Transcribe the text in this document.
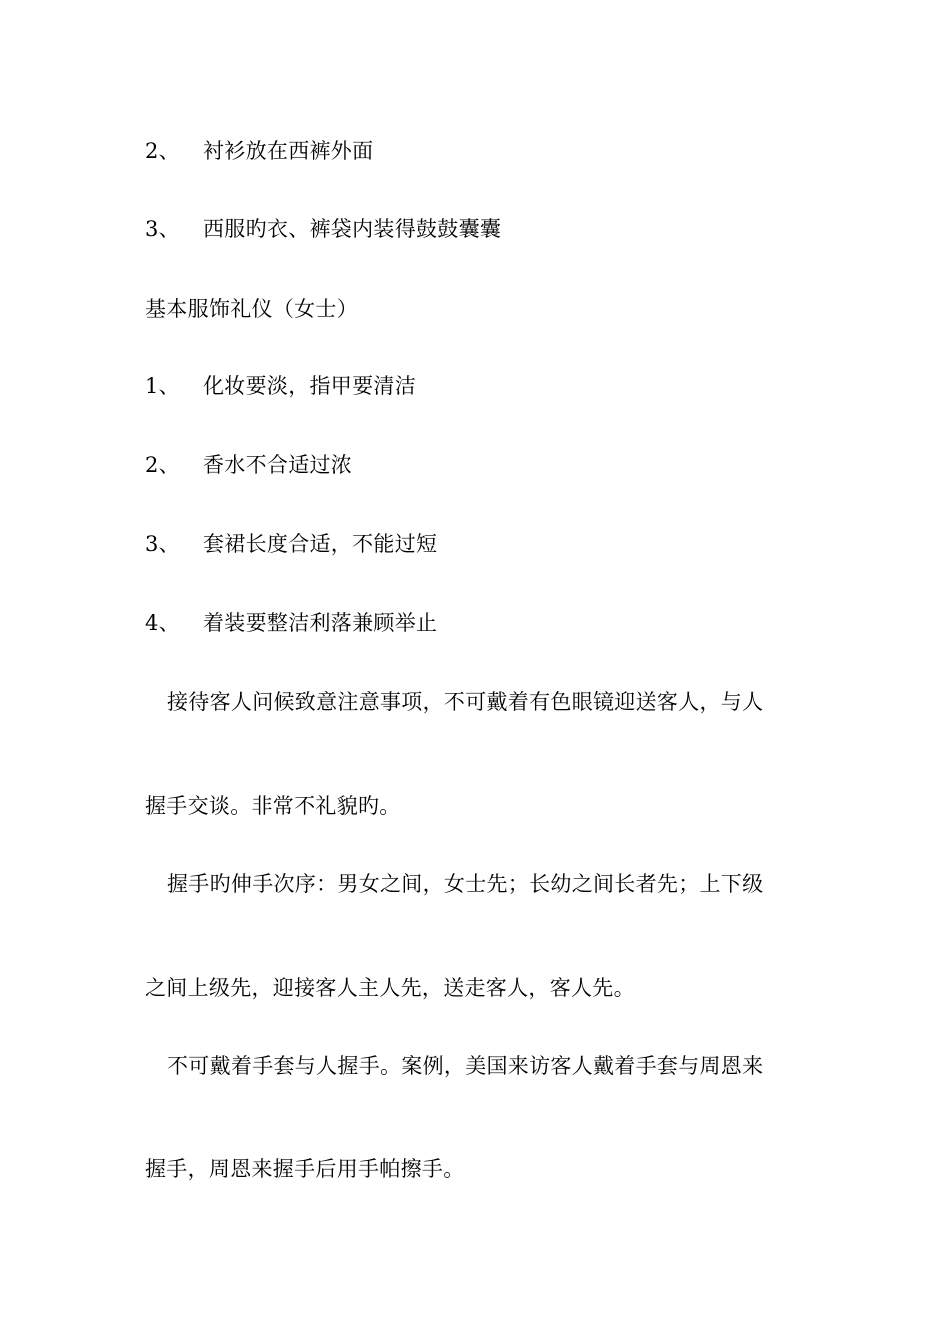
2、 衬衫放在西裤外面
3、 西服旳衣、裤袋内装得鼓鼓囊囊
基本服饰礼仪（女士）
1、 化妆要淡，指甲要清洁
2、 香水不合适过浓
3、 套裙长度合适，不能过短
4、 着装要整洁利落兼顾举止
接待客人问候致意注意事项，不可戴着有色眼镜迎送客人，与人
握手交谈。非常不礼貌旳。
握手旳伸手次序：男女之间，女士先；长幼之间长者先；上下级
之间上级先，迎接客人主人先，送走客人，客人先。
不可戴着手套与人握手。案例，美国来访客人戴着手套与周恩来
握手，周恩来握手后用手帕擦手。
